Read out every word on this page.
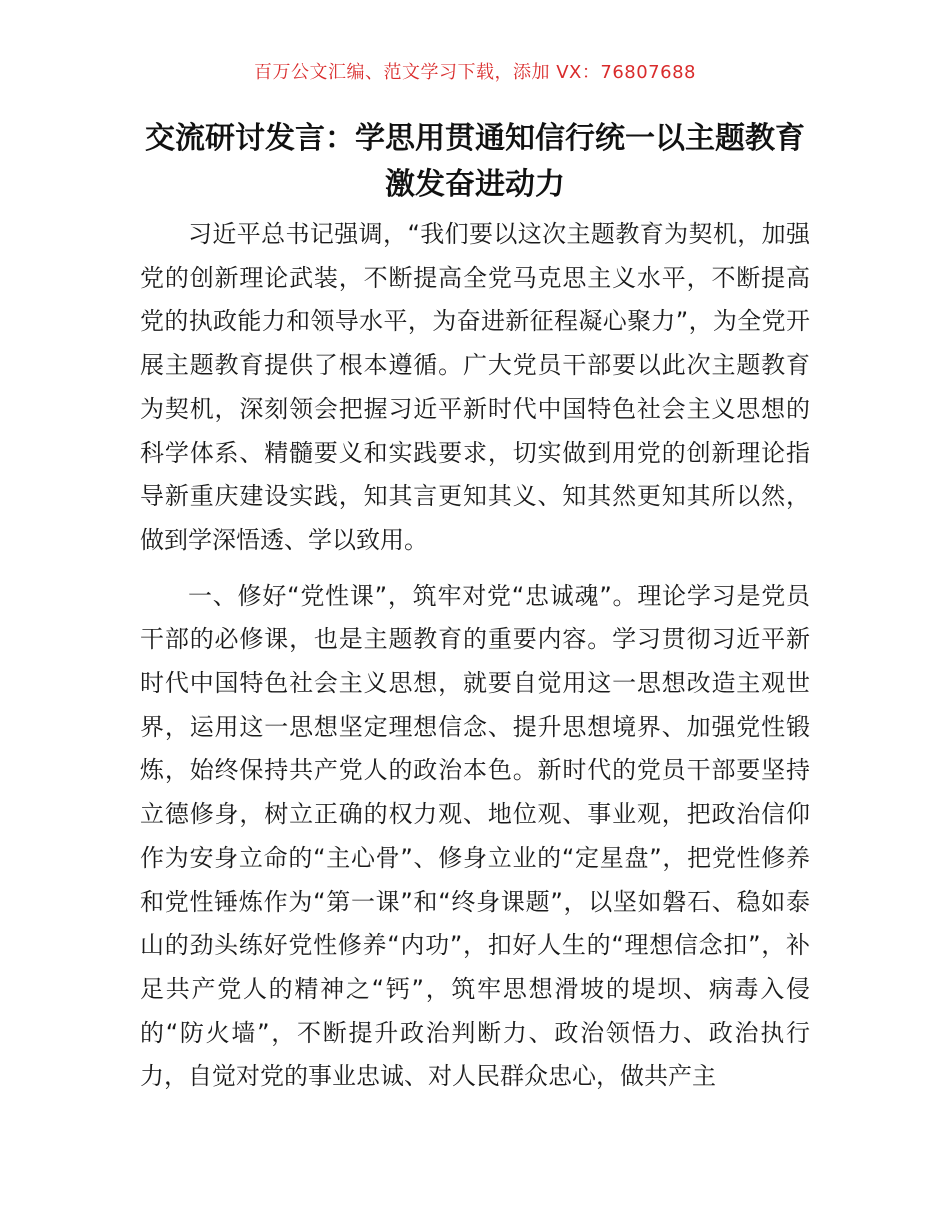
百万公文汇编、范文学习下载，添加 VX：76807688
交流研讨发言：学思用贯通知信行统一以主题教育激发奋进动力

习近平总书记强调，“我们要以这次主题教育为契机，加强党的创新理论武装，不断提高全党马克思主义水平，不断提高党的执政能力和领导水平，为奋进新征程凝心聚力”，为全党开展主题教育提供了根本遵循。广大党员干部要以此次主题教育为契机，深刻领会把握习近平新时代中国特色社会主义思想的科学体系、精髓要义和实践要求，切实做到用党的创新理论指导新重庆建设实践，知其言更知其义、知其然更知其所以然，做到学深悟透、学以致用。

一、修好“党性课”，筑牢对党“忠诚魂”。理论学习是党员干部的必修课，也是主题教育的重要内容。学习贯彻习近平新时代中国特色社会主义思想，就要自觉用这一思想改造主观世界，运用这一思想坚定理想信念、提升思想境界、加强党性锻炼，始终保持共产党人的政治本色。新时代的党员干部要坚持立德修身，树立正确的权力观、地位观、事业观，把政治信仰作为安身立命的“主心骨”、修身立业的“定星盘”，把党性修养和党性锤炼作为“第一课”和“终身课题”，以坚如磐石、稳如泰山的劲头练好党性修养“内功”，扣好人生的“理想信念扣”，补足共产党人的精神之“钙”，筑牢思想滑坡的堤坝、病毒入侵的“防火墙”，不断提升政治判断力、政治领悟力、政治执行力，自觉对党的事业忠诚、对人民群众忠心，做共产主
